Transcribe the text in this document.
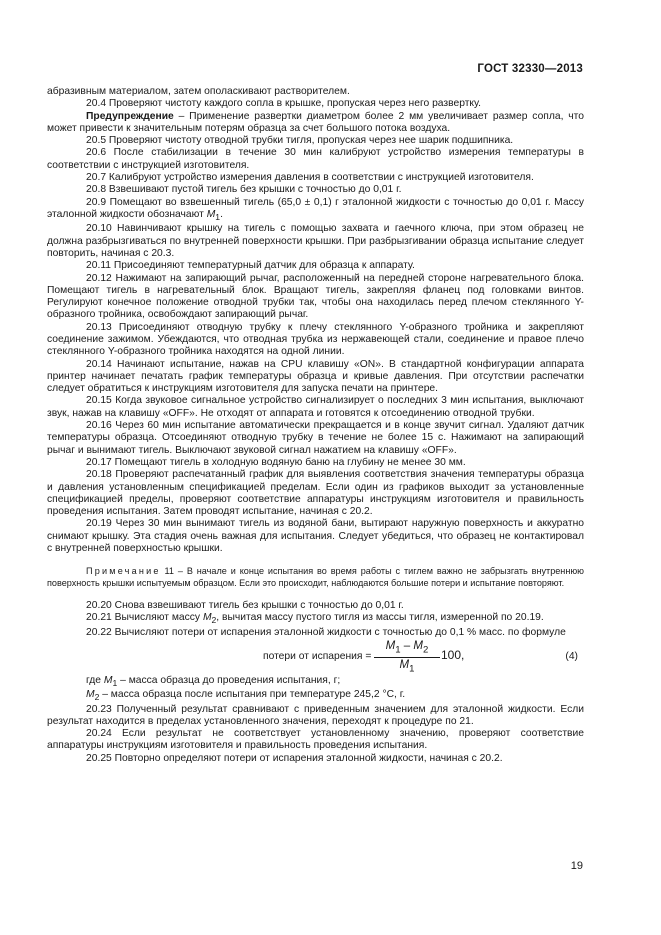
ГОСТ 32330—2013

абразивным материалом, затем ополаскивают растворителем.

20.4 Проверяют чистоту каждого сопла в крышке, пропуская через него развертку.

Предупреждение – Применение развертки диаметром более 2 мм увеличивает размер сопла, что может привести к значительным потерям образца за счет большого потока воздуха.

20.5 Проверяют чистоту отводной трубки тигля, пропуская через нее шарик подшипника.

20.6 После стабилизации в течение 30 мин калибруют устройство измерения температуры в соответствии с инструкцией изготовителя.

20.7 Калибруют устройство измерения давления в соответствии с инструкцией изготовителя.

20.8 Взвешивают пустой тигель без крышки с точностью до 0,01 г.

20.9 Помещают во взвешенный тигель (65,0 ± 0,1) г эталонной жидкости с точностью до 0,01 г. Массу эталонной жидкости обозначают $M_1$.

20.10 Навинчивают крышку на тигель с помощью захвата и гаечного ключа, при этом образец не должна разбрызгиваться по внутренней поверхности крышки. При разбрызгивании образца испытание следует повторить, начиная с 20.3.

20.11 Присоединяют температурный датчик для образца к аппарату.

20.12 Нажимают на запирающий рычаг, расположенный на передней стороне нагревательного блока. Помещают тигель в нагревательный блок. Вращают тигель, закрепляя фланец под головками винтов. Регулируют конечное положение отводной трубки так, чтобы она находилась перед плечом стеклянного Y-образного тройника, освобождают запирающий рычаг.

20.13 Присоединяют отводную трубку к плечу стеклянного Y-образного тройника и закрепляют соединение зажимом. Убеждаются, что отводная трубка из нержавеющей стали, соединение и правое плечо стеклянного Y-образного тройника находятся на одной линии.

20.14 Начинают испытание, нажав на CPU клавишу «ON». В стандартной конфигурации аппарата принтер начинает печатать график температуры образца и кривые давления. При отсутствии распечатки следует обратиться к инструкциям изготовителя для запуска печати на принтере.

20.15 Когда звуковое сигнальное устройство сигнализирует о последних 3 мин испытания, выключают звук, нажав на клавишу «OFF». Не отходят от аппарата и готовятся к отсоединению отводной трубки.

20.16 Через 60 мин испытание автоматически прекращается и в конце звучит сигнал. Удаляют датчик температуры образца. Отсоединяют отводную трубку в течение не более 15 с. Нажимают на запирающий рычаг и вынимают тигель. Выключают звуковой сигнал нажатием на клавишу «OFF».

20.17 Помещают тигель в холодную водяную баню на глубину не менее 30 мм.

20.18 Проверяют распечатанный график для выявления соответствия значения температуры образца и давления установленным спецификацией пределам. Если один из графиков выходит за установленные спецификацией пределы, проверяют соответствие аппаратуры инструкциям изготовителя и правильность проведения испытания. Затем проводят испытание, начиная с 20.2.

20.19 Через 30 мин вынимают тигель из водяной бани, вытирают наружную поверхность и аккуратно снимают крышку. Эта стадия очень важная для испытания. Следует убедиться, что образец не контактировал с внутренней поверхностью крышки.

Примечание 11 – В начале и конце испытания во время работы с тиглем важно не забрызгать внутреннюю поверхность крышки испытуемым образцом. Если это происходит, наблюдаются большие потери и испытание повторяют.

20.20 Снова взвешивают тигель без крышки с точностью до 0,01 г.

20.21 Вычисляют массу $M_2$, вычитая массу пустого тигля из массы тигля, измеренной по 20.19.

20.22 Вычисляют потери от испарения эталонной жидкости с точностью до 0,1 % масс. по формуле

потери от испарения = $\frac{M_1 - M_2}{M_1} 100$,	(4)

где $M_1$ – масса образца до проведения испытания, г;

$M_2$ – масса образца после испытания при температуре 245,2 °C, г.

20.23 Полученный результат сравнивают с приведенным значением для эталонной жидкости. Если результат находится в пределах установленного значения, переходят к процедуре по 21.

20.24 Если результат не соответствует установленному значению, проверяют соответствие аппаратуры инструкциям изготовителя и правильность проведения испытания.

20.25 Повторно определяют потери от испарения эталонной жидкости, начиная с 20.2.

19
